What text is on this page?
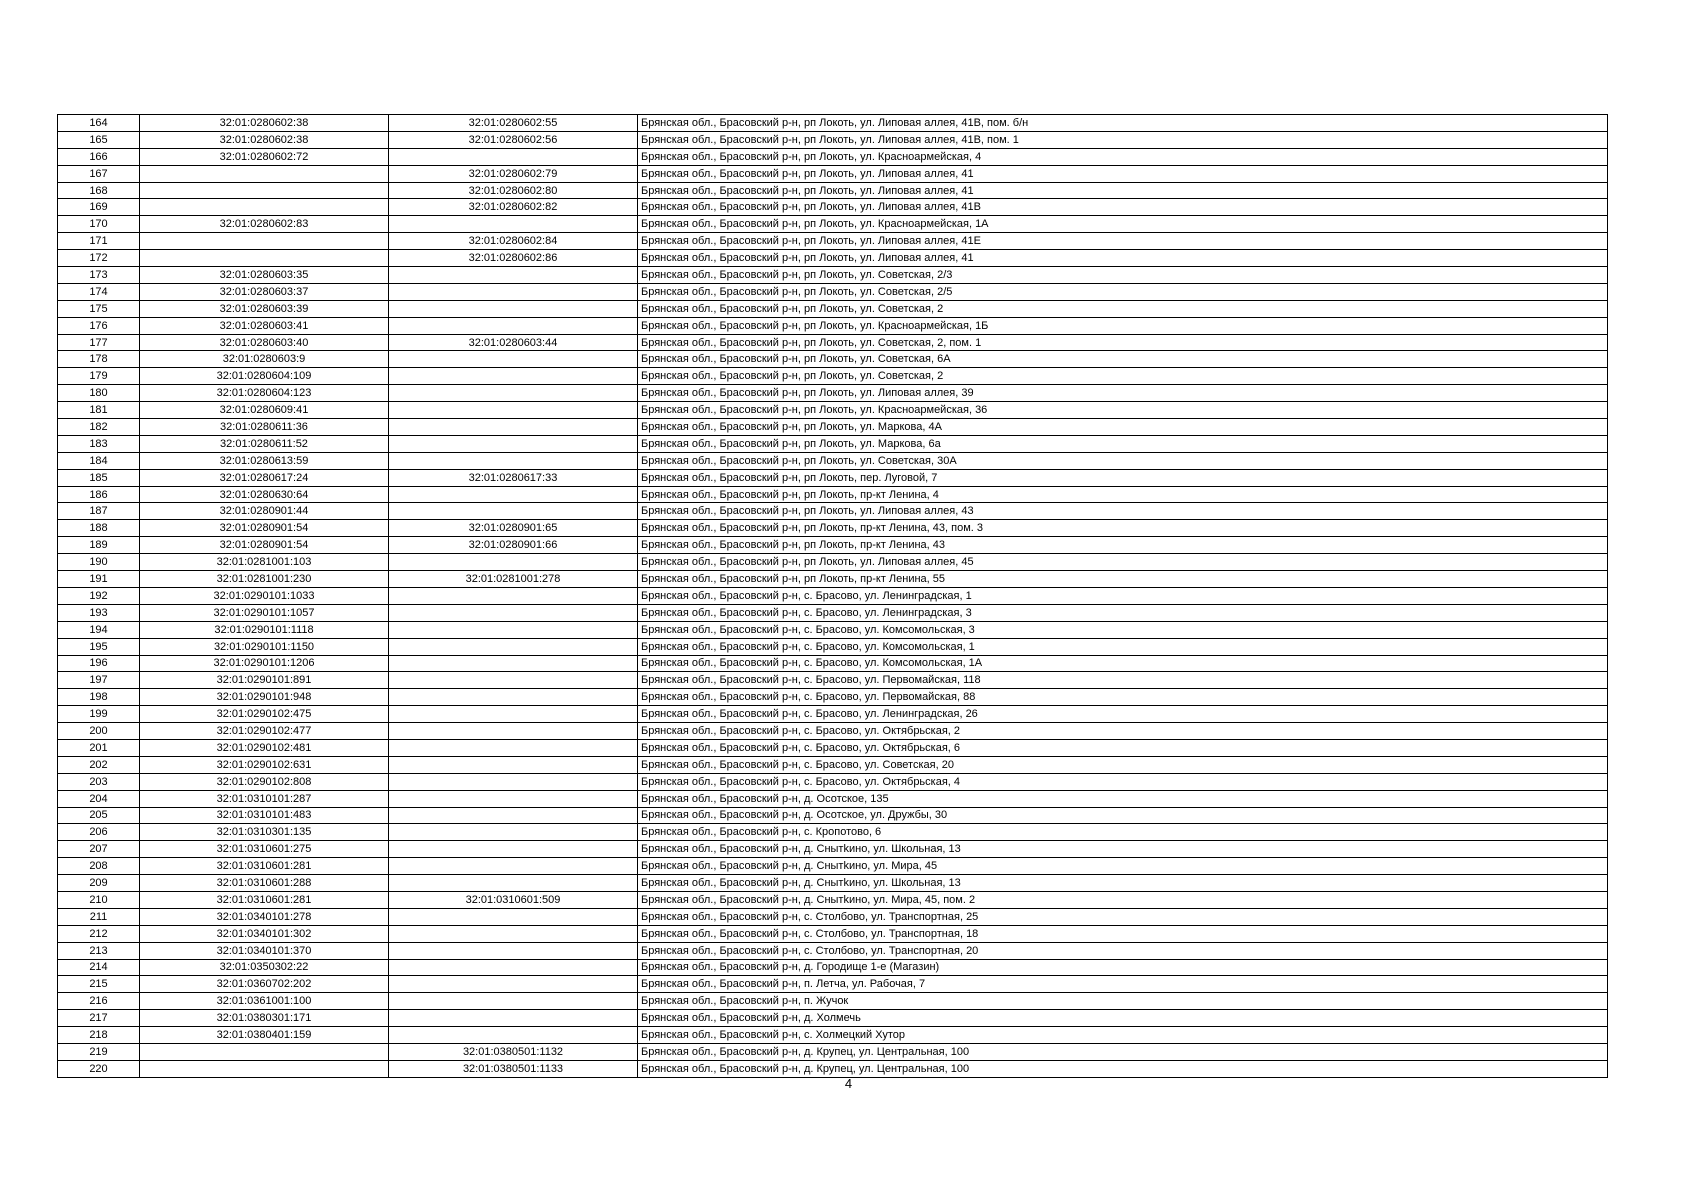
164	32:01:0280602:38	32:01:0280602:55	Брянская обл., Брасовский р-н, рп Локоть, ул. Липовая аллея, 41В, пом. б/н
165	32:01:0280602:38	32:01:0280602:56	Брянская обл., Брасовский р-н, рп Локоть, ул. Липовая аллея, 41В, пом. 1
166	32:01:0280602:72		Брянская обл., Брасовский р-н, рп Локоть, ул. Красноармейская, 4
167		32:01:0280602:79	Брянская обл., Брасовский р-н, рп Локоть, ул. Липовая аллея, 41
168		32:01:0280602:80	Брянская обл., Брасовский р-н, рп Локоть, ул. Липовая аллея, 41
169		32:01:0280602:82	Брянская обл., Брасовский р-н, рп Локоть, ул. Липовая аллея, 41В
170	32:01:0280602:83		Брянская обл., Брасовский р-н, рп Локоть, ул. Красноармейская, 1А
171		32:01:0280602:84	Брянская обл., Брасовский р-н, рп Локоть, ул. Липовая аллея, 41Е
172		32:01:0280602:86	Брянская обл., Брасовский р-н, рп Локоть, ул. Липовая аллея, 41
173	32:01:0280603:35		Брянская обл., Брасовский р-н, рп Локоть, ул. Советская, 2/3
174	32:01:0280603:37		Брянская обл., Брасовский р-н, рп Локоть, ул. Советская, 2/5
175	32:01:0280603:39		Брянская обл., Брасовский р-н, рп Локоть, ул. Советская, 2
176	32:01:0280603:41		Брянская обл., Брасовский р-н, рп Локоть, ул. Красноармейская, 1Б
177	32:01:0280603:40	32:01:0280603:44	Брянская обл., Брасовский р-н, рп Локоть, ул. Советская, 2, пом. 1
178	32:01:0280603:9		Брянская обл., Брасовский р-н, рп Локоть, ул. Советская, 6А
179	32:01:0280604:109		Брянская обл., Брасовский р-н, рп Локоть, ул. Советская, 2
180	32:01:0280604:123		Брянская обл., Брасовский р-н, рп Локоть, ул. Липовая аллея, 39
181	32:01:0280609:41		Брянская обл., Брасовский р-н, рп Локоть, ул. Красноармейская, 36
182	32:01:0280611:36		Брянская обл., Брасовский р-н, рп Локоть, ул. Маркова, 4А
183	32:01:0280611:52		Брянская обл., Брасовский р-н, рп Локоть, ул. Маркова, 6а
184	32:01:0280613:59		Брянская обл., Брасовский р-н, рп Локоть, ул. Советская, 30А
185	32:01:0280617:24	32:01:0280617:33	Брянская обл., Брасовский р-н, рп Локоть, пер. Луговой, 7
186	32:01:0280630:64		Брянская обл., Брасовский р-н, рп Локоть, пр-кт Ленина, 4
187	32:01:0280901:44		Брянская обл., Брасовский р-н, рп Локоть, ул. Липовая аллея, 43
188	32:01:0280901:54	32:01:0280901:65	Брянская обл., Брасовский р-н, рп Локоть, пр-кт Ленина, 43, пом. 3
189	32:01:0280901:54	32:01:0280901:66	Брянская обл., Брасовский р-н, рп Локоть, пр-кт Ленина, 43
190	32:01:0281001:103		Брянская обл., Брасовский р-н, рп Локоть, ул. Липовая аллея, 45
191	32:01:0281001:230	32:01:0281001:278	Брянская обл., Брасовский р-н, рп Локоть, пр-кт Ленина, 55
192	32:01:0290101:1033		Брянская обл., Брасовский р-н, с. Брасово, ул. Ленинградская, 1
193	32:01:0290101:1057		Брянская обл., Брасовский р-н, с. Брасово, ул. Ленинградская, 3
194	32:01:0290101:1118		Брянская обл., Брасовский р-н, с. Брасово, ул. Комсомольская, 3
195	32:01:0290101:1150		Брянская обл., Брасовский р-н, с. Брасово, ул. Комсомольская, 1
196	32:01:0290101:1206		Брянская обл., Брасовский р-н, с. Брасово, ул. Комсомольская, 1А
197	32:01:0290101:891		Брянская обл., Брасовский р-н, с. Брасово, ул. Первомайская, 118
198	32:01:0290101:948		Брянская обл., Брасовский р-н, с. Брасово, ул. Первомайская, 88
199	32:01:0290102:475		Брянская обл., Брасовский р-н, с. Брасово, ул. Ленинградская, 26
200	32:01:0290102:477		Брянская обл., Брасовский р-н, с. Брасово, ул. Октябрьская, 2
201	32:01:0290102:481		Брянская обл., Брасовский р-н, с. Брасово, ул. Октябрьская, 6
202	32:01:0290102:631		Брянская обл., Брасовский р-н, с. Брасово, ул. Советская, 20
203	32:01:0290102:808		Брянская обл., Брасовский р-н, с. Брасово, ул. Октябрьская, 4
204	32:01:0310101:287		Брянская обл., Брасовский р-н, д. Осотское, 135
205	32:01:0310101:483		Брянская обл., Брасовский р-н, д. Осотское, ул. Дружбы, 30
206	32:01:0310301:135		Брянская обл., Брасовский р-н, с. Кропотово, 6
207	32:01:0310601:275		Брянская обл., Брасовский р-н, д. Снытkино, ул. Школьная, 13
208	32:01:0310601:281		Брянская обл., Брасовский р-н, д. Снытkино, ул. Мира, 45
209	32:01:0310601:288		Брянская обл., Брасовский р-н, д. Снытkино, ул. Школьная, 13
210	32:01:0310601:281	32:01:0310601:509	Брянская обл., Брасовский р-н, д. Снытkино, ул. Мира, 45, пом. 2
211	32:01:0340101:278		Брянская обл., Брасовский р-н, с. Столбово, ул. Транспортная, 25
212	32:01:0340101:302		Брянская обл., Брасовский р-н, с. Столбово, ул. Транспортная, 18
213	32:01:0340101:370		Брянская обл., Брасовский р-н, с. Столбово, ул. Транспортная, 20
214	32:01:0350302:22		Брянская обл., Брасовский р-н, д. Городище 1-е (Магазин)
215	32:01:0360702:202		Брянская обл., Брасовский р-н, п. Летча, ул. Рабочая, 7
216	32:01:0361001:100		Брянская обл., Брасовский р-н, п. Жучок
217	32:01:0380301:171		Брянская обл., Брасовский р-н, д. Холмечь
218	32:01:0380401:159		Брянская обл., Брасовский р-н, с. Холмецкий Хутор
219		32:01:0380501:1132	Брянская обл., Брасовский р-н, д. Крупец, ул. Центральная, 100
220		32:01:0380501:1133	Брянская обл., Брасовский р-н, д. Крупец, ул. Центральная, 100
4
